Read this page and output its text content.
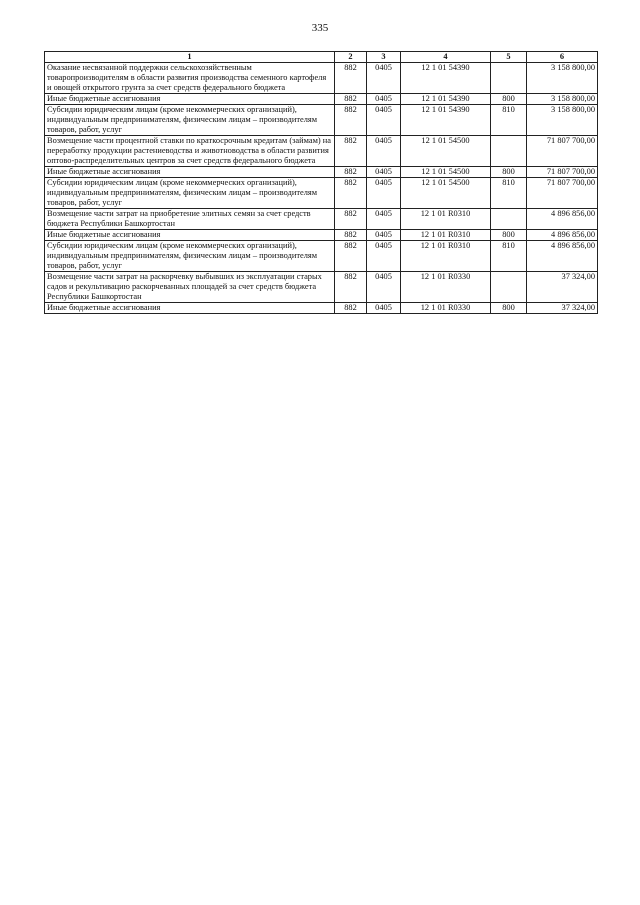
335
1	2	3	4	5	6
Оказание несвязанной поддержки сельскохозяйственным товаропроизводителям в области развития производства семенного картофеля и овощей открытого грунта за счет средств федерального бюджета	882	0405	12 1 01 54390		3 158 800,00
Иные бюджетные ассигнования	882	0405	12 1 01 54390	800	3 158 800,00
Субсидии юридическим лицам (кроме некоммерческих организаций), индивидуальным предпринимателям, физическим лицам – производителям товаров, работ, услуг	882	0405	12 1 01 54390	810	3 158 800,00
Возмещение части процентной ставки по краткосрочным кредитам (займам) на переработку продукции растениеводства и животноводства в области развития оптово-распределительных центров за счет средств федерального бюджета	882	0405	12 1 01 54500		71 807 700,00
Иные бюджетные ассигнования	882	0405	12 1 01 54500	800	71 807 700,00
Субсидии юридическим лицам (кроме некоммерческих организаций), индивидуальным предпринимателям, физическим лицам – производителям товаров, работ, услуг	882	0405	12 1 01 54500	810	71 807 700,00
Возмещение части затрат на приобретение элитных семян за счет средств бюджета Республики Башкортостан	882	0405	12 1 01 R0310		4 896 856,00
Иные бюджетные ассигнования	882	0405	12 1 01 R0310	800	4 896 856,00
Субсидии юридическим лицам (кроме некоммерческих организаций), индивидуальным предпринимателям, физическим лицам – производителям товаров, работ, услуг	882	0405	12 1 01 R0310	810	4 896 856,00
Возмещение части затрат на раскорчевку выбывших из эксплуатации старых садов и рекультивацию раскорчеванных площадей за счет средств бюджета Республики Башкортостан	882	0405	12 1 01 R0330		37 324,00
Иные бюджетные ассигнования	882	0405	12 1 01 R0330	800	37 324,00
